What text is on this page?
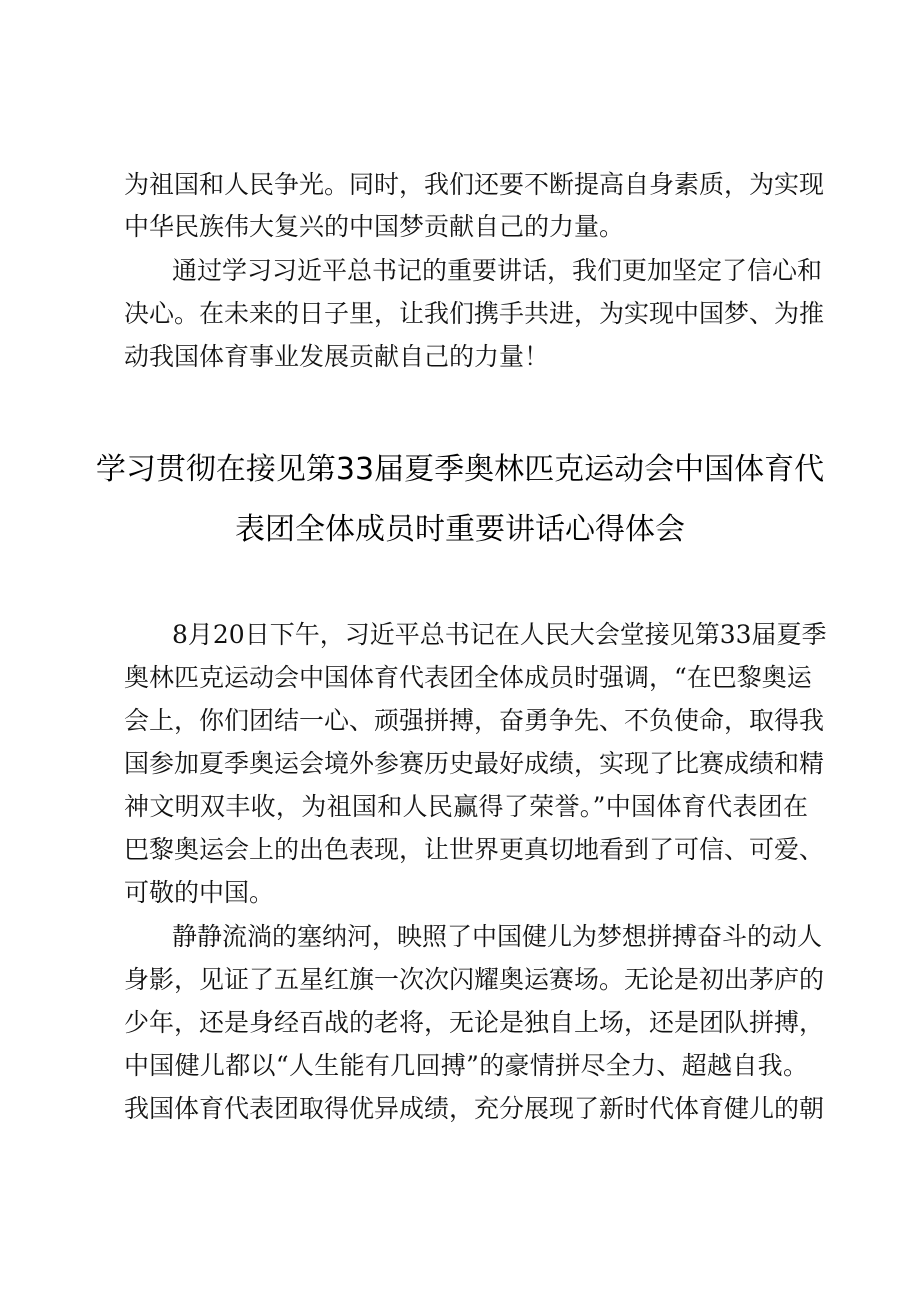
为祖国和人民争光。同时，我们还要不断提高自身素质，为实现
中华民族伟大复兴的中国梦贡献自己的力量。
通过学习习近平总书记的重要讲话，我们更加坚定了信心和
决心。在未来的日子里，让我们携手共进，为实现中国梦、为推
动我国体育事业发展贡献自己的力量！
学习贯彻在接见第33届夏季奥林匹克运动会中国体育代
表团全体成员时重要讲话心得体会
8月20日下午，习近平总书记在人民大会堂接见第33届夏季
奥林匹克运动会中国体育代表团全体成员时强调，“在巴黎奥运
会上，你们团结一心、顽强拼搏，奋勇争先、不负使命，取得我
国参加夏季奥运会境外参赛历史最好成绩，实现了比赛成绩和精
神文明双丰收，为祖国和人民赢得了荣誉。”中国体育代表团在
巴黎奥运会上的出色表现，让世界更真切地看到了可信、可爱、
可敬的中国。
静静流淌的塞纳河，映照了中国健儿为梦想拼搏奋斗的动人
身影，见证了五星红旗一次次闪耀奥运赛场。无论是初出茅庐的
少年，还是身经百战的老将，无论是独自上场，还是团队拼搏，
中国健儿都以“人生能有几回搏”的豪情拼尽全力、超越自我。
我国体育代表团取得优异成绩，充分展现了新时代体育健儿的朝
